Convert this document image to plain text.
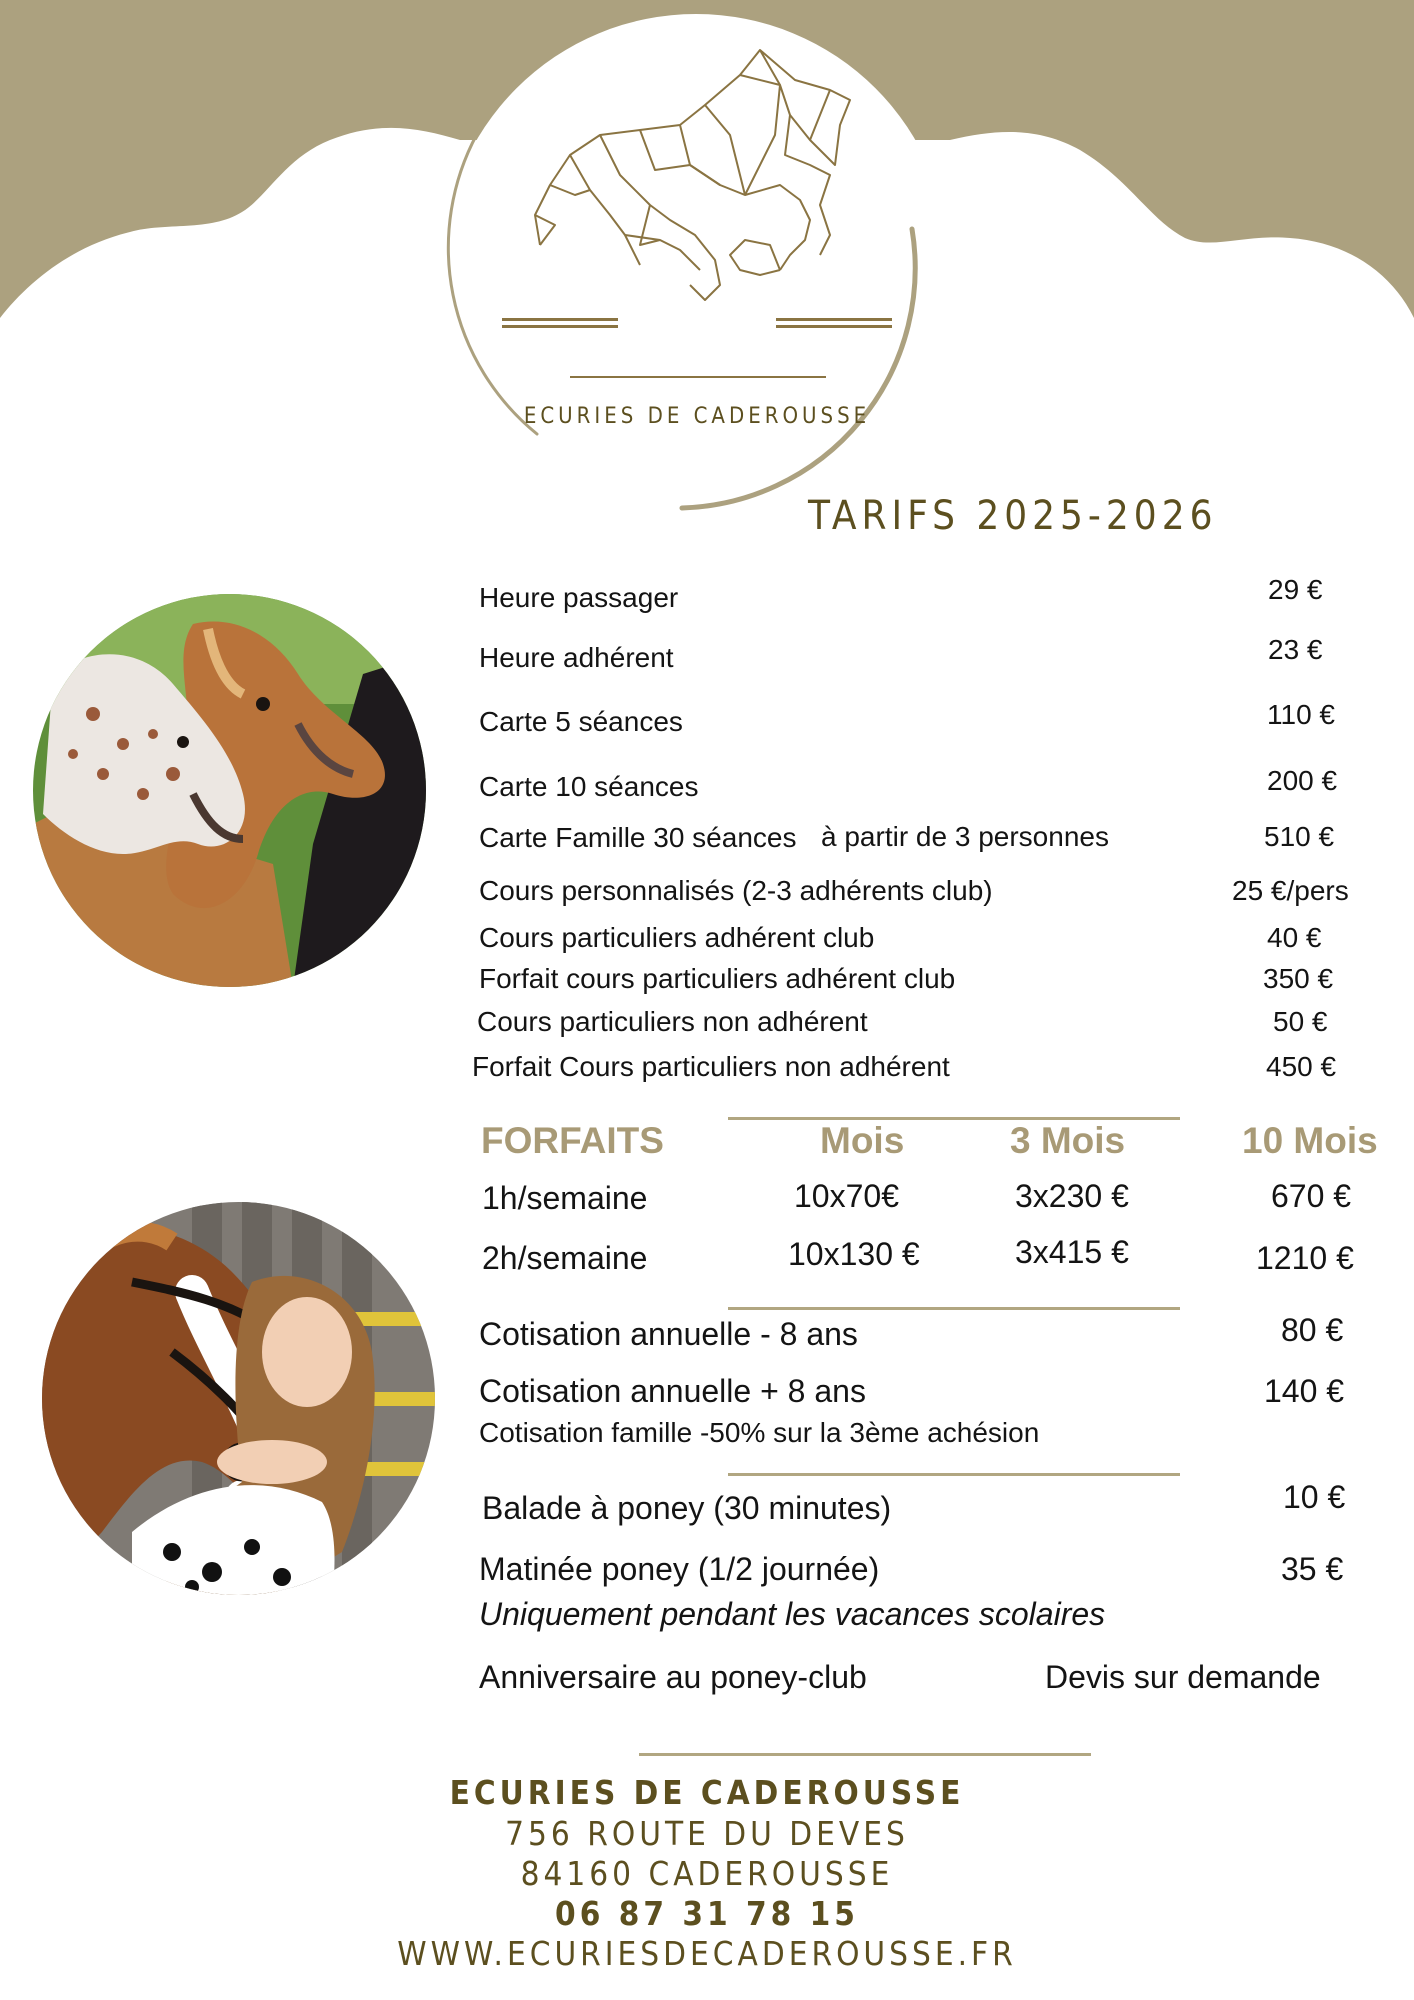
ECURIES DE CADEROUSSE
TARIFS 2025-2026
Heure passager	29 €
Heure adhérent	23 €
Carte 5 séances	110 €
Carte 10 séances	200 €
Carte Famille 30 séances à partir de 3 personnes	510 €
Cours personnalisés (2-3 adhérents club)	25 €/pers
Cours particuliers adhérent club	40 €
Forfait cours particuliers adhérent club	350 €
Cours particuliers non adhérent	50 €
Forfait Cours particuliers non adhérent	450 €
FORFAITS	Mois	3 Mois	10 Mois
1h/semaine	10x70€	3x230 €	670 €
2h/semaine	10x130 €	3x415 €	1210 €
Cotisation annuelle - 8 ans	80 €
Cotisation annuelle + 8 ans	140 €
Cotisation famille -50% sur la 3ème achésion
Balade à poney (30 minutes)	10 €
Matinée poney (1/2 journée)	35 €
Uniquement pendant les vacances scolaires
Anniversaire au poney-club	Devis sur demande
ECURIES DE CADEROUSSE
756 ROUTE DU DEVES
84160 CADEROUSSE
06 87 31 78 15
WWW.ECURIESDECADEROUSSE.FR
